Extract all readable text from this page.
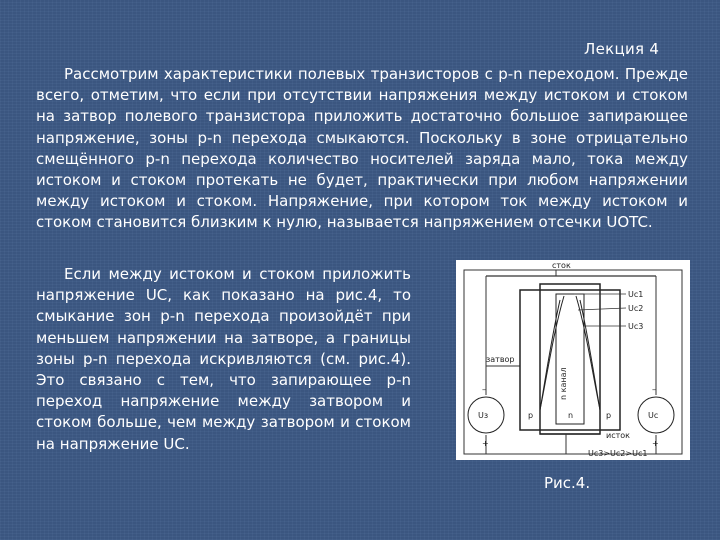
Лекция 4

Рассмотрим характеристики полевых транзисторов с p-n переходом. Прежде всего, отметим, что если при отсутствии напряжения между истоком и стоком на затвор полевого транзистора приложить достаточно большое запирающее напряжение, зоны p-n перехода смыкаются. Поскольку в зоне отрицательно смещённого p-n перехода количество носителей заряда мало, тока между истоком и стоком протекать не будет, практически при любом напряжении между истоком и стоком. Напряжение, при котором ток между истоком и стоком становится близким к нулю, называется напряжением отсечки UOTC.

Если между истоком и стоком приложить напряжение UC, как показано на рис.4, то смыкание зон p-n перехода произойдёт при меньшем напряжении на затворе, а границы зоны p-n перехода искривляются (см. рис.4). Это связано с тем, что запирающее p-n переход напряжение между затвором и стоком больше, чем между затвором и стоком на напряжение UC.

сток
исток
затвор
n канал
p	n	p
Uc1
Uc2
Uc3
Uз	Uc
–
+
–
+
Uc3>Uc2>Uc1
Рис.4.
